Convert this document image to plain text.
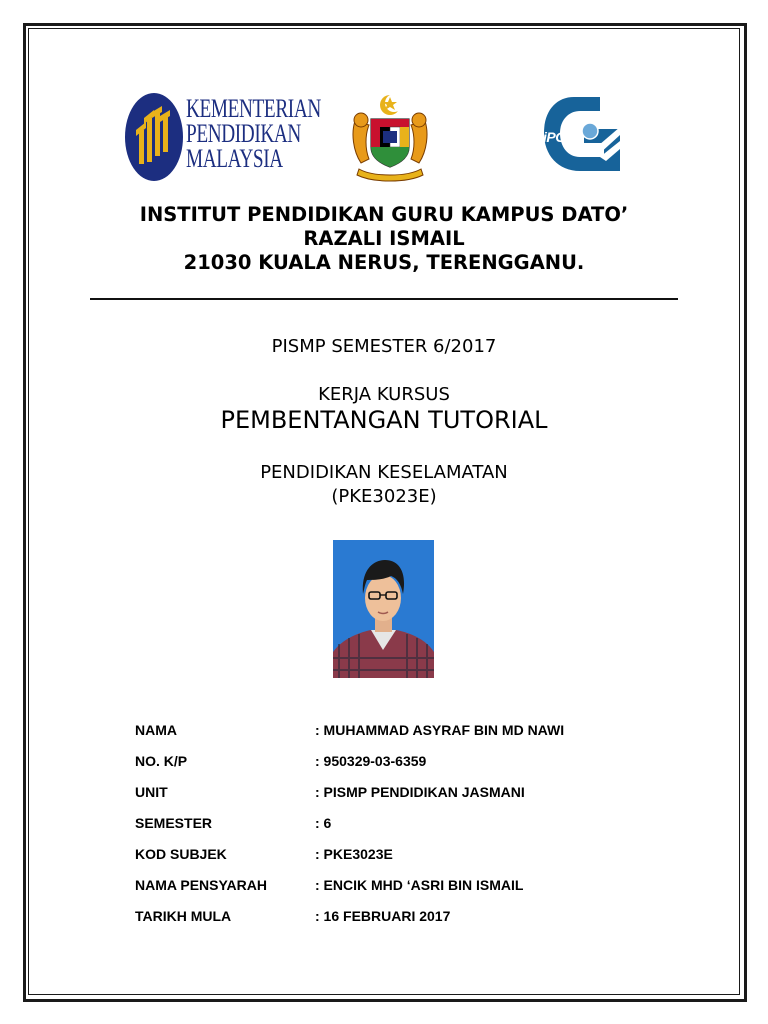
KEMENTERIAN
PENDIDIKAN
MALAYSIA
iPG
INSTITUT PENDIDIKAN GURU KAMPUS DATO’
RAZALI ISMAIL
21030 KUALA NERUS, TERENGGANU.
PISMP SEMESTER 6/2017
KERJA KURSUS
PEMBENTANGAN TUTORIAL
PENDIDIKAN KESELAMATAN
(PKE3023E)
NAMA	: MUHAMMAD ASYRAF BIN MD NAWI
NO. K/P	: 950329-03-6359
UNIT	: PISMP PENDIDIKAN JASMANI
SEMESTER	: 6
KOD SUBJEK	: PKE3023E
NAMA PENSYARAH	: ENCIK MHD ‘ASRI BIN ISMAIL
TARIKH MULA	: 16 FEBRUARI 2017
